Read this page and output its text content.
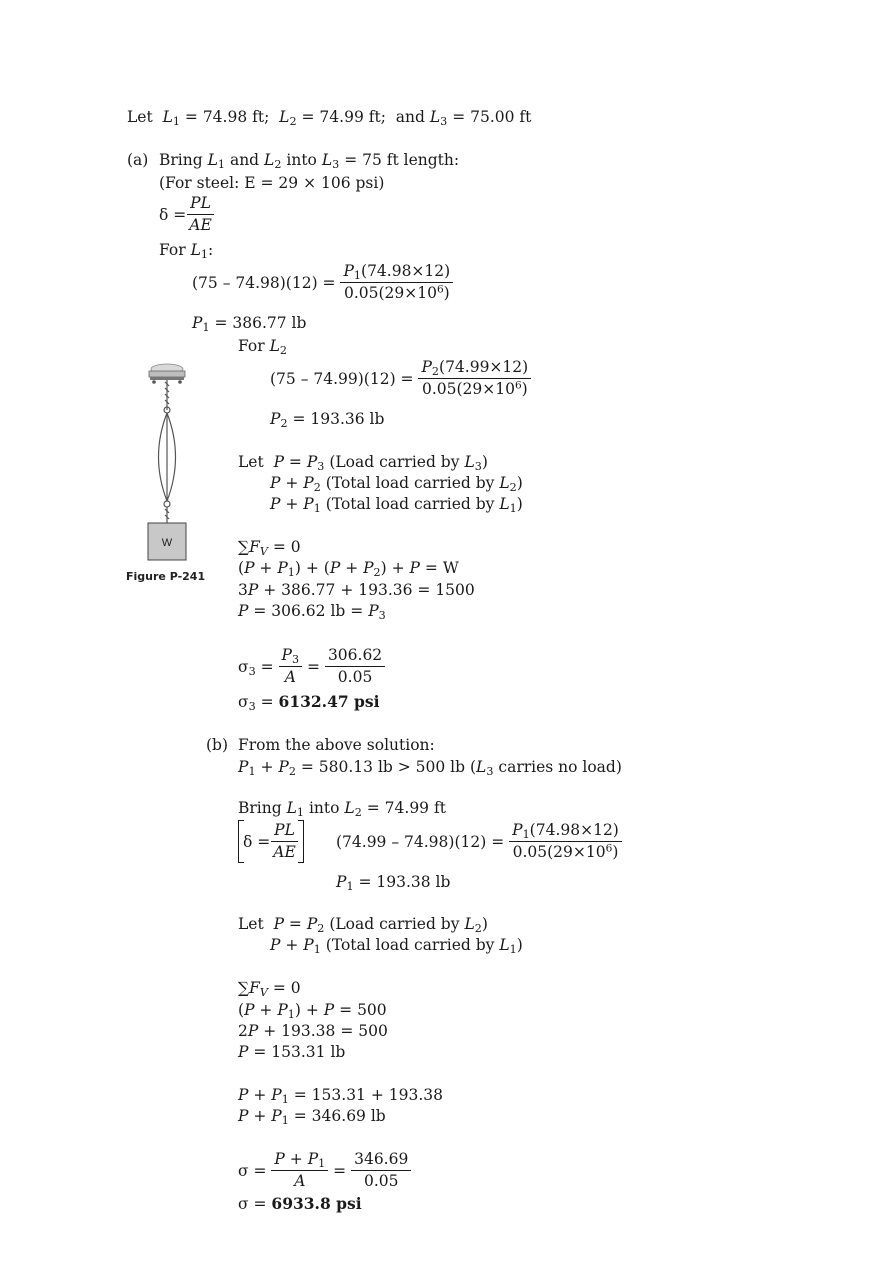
Let $L_1 = 74.98$ ft; $L_2 = 74.99$ ft; and $L_3 = 75.00$ ft
(a) Bring $L_1$ and $L_2$ into $L_3 = 75$ ft length:
(For steel: E = 29 × 106 psi)
$\delta = \frac{PL}{AE}$
For $L_1$:
(75 – 74.98)(12) =
$\frac{P_1(74.98\times 12)}{0.05(29\times 10^6)}$
$P_1 = 386.77$ lb
For $L_2$
(75 – 74.99)(12) =
$\frac{P_2(74.99\times 12)}{0.05(29\times 10^6)}$
$P_2 = 193.36$ lb
Let $P = P_3$ (Load carried by $L_3$)
$P + P_2$ (Total load carried by $L_2$)
$P + P_1$ (Total load carried by $L_1$)
$\sum F_V = 0$
$(P + P_1) + (P + P_2) + P = W$
3P + 386.77 + 193.36 = 1500
P = 306.62 lb = $P_3$
$\sigma_3 = \frac{P_3}{A} = \frac{306.62}{0.05}$
$\sigma_3 = 6132.47$ psi
(b) From the above solution:
$P_1 + P_2 = 580.13$ lb > 500 lb ($L_3$ carries no load)
Bring $L_1$ into $L_2 = 74.99$ ft
$\delta = \frac{PL}{AE} (74.99 - 74.98)(12)$ =
$\frac{P_1(74.98\times 12)}{0.05(29\times 10^6)}$
$P_1 = 193.38$ lb
Let $P = P_2$ (Load carried by $L_2$)
$P + P_1$ (Total load carried by $L_1$)
$\sum F_V = 0$
$(P + P_1) + P = 500$
2P + 193.38 = 500
P = 153.31 lb
$P + P_1 = 153.31 + 193.38$
$P + P_1 = 346.69$ lb
$\sigma = \frac{P + P_1}{A} = \frac{346.69}{0.05}$
σ = 6933.8 psi
W
Figure P-241
